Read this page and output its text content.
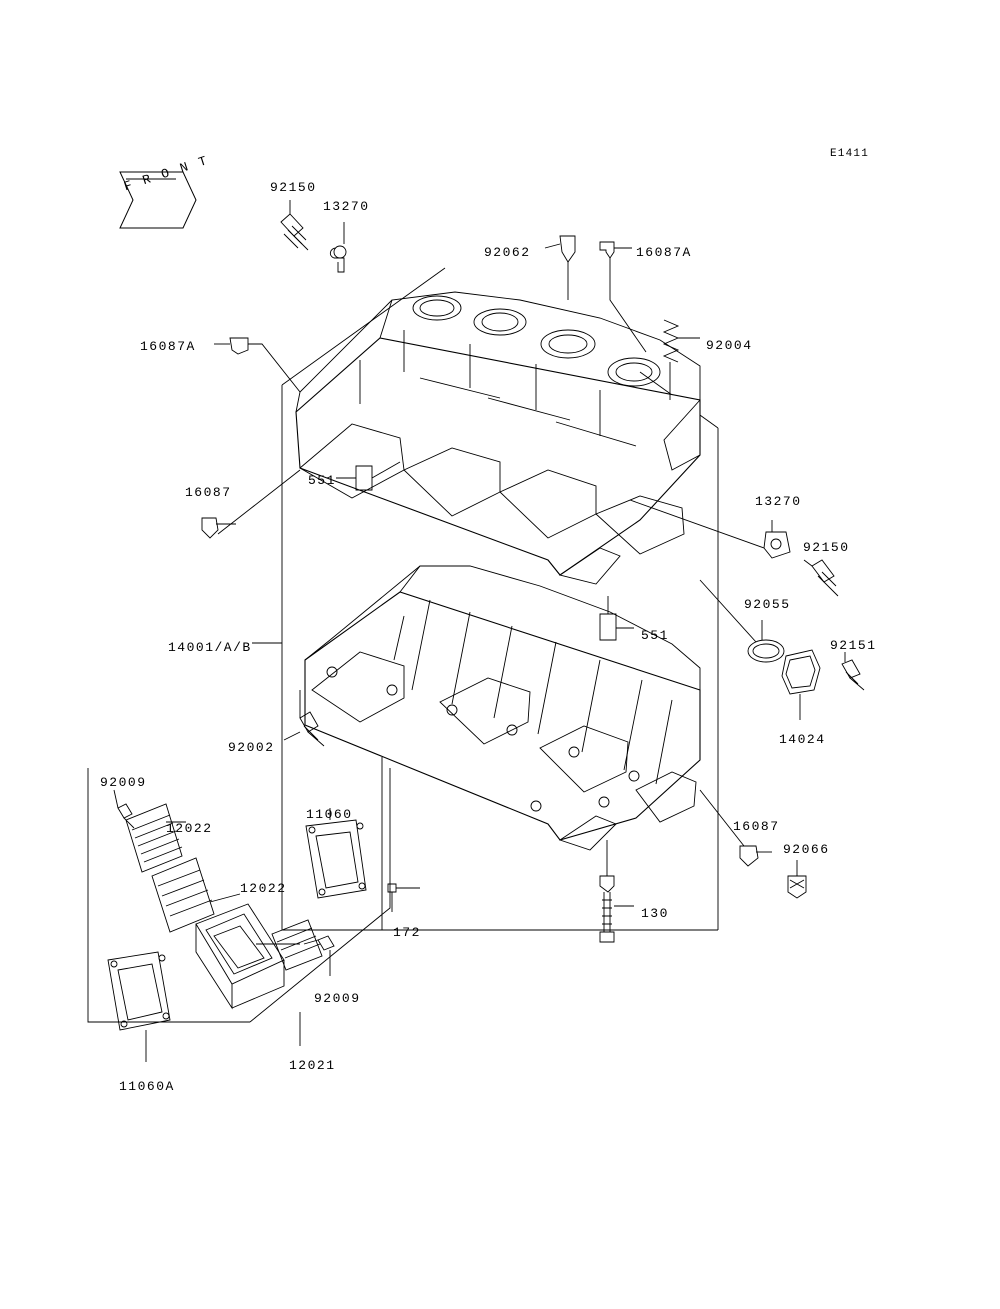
E1411
92150
13270
92062	16087A
92004
16087A
551
16087
13270
92150
92055
551
92151
14001/A/B
14024
92002
92009
11060
12022	16087
92066
12022
130
172
92009
12021
11060A
F R O N T
